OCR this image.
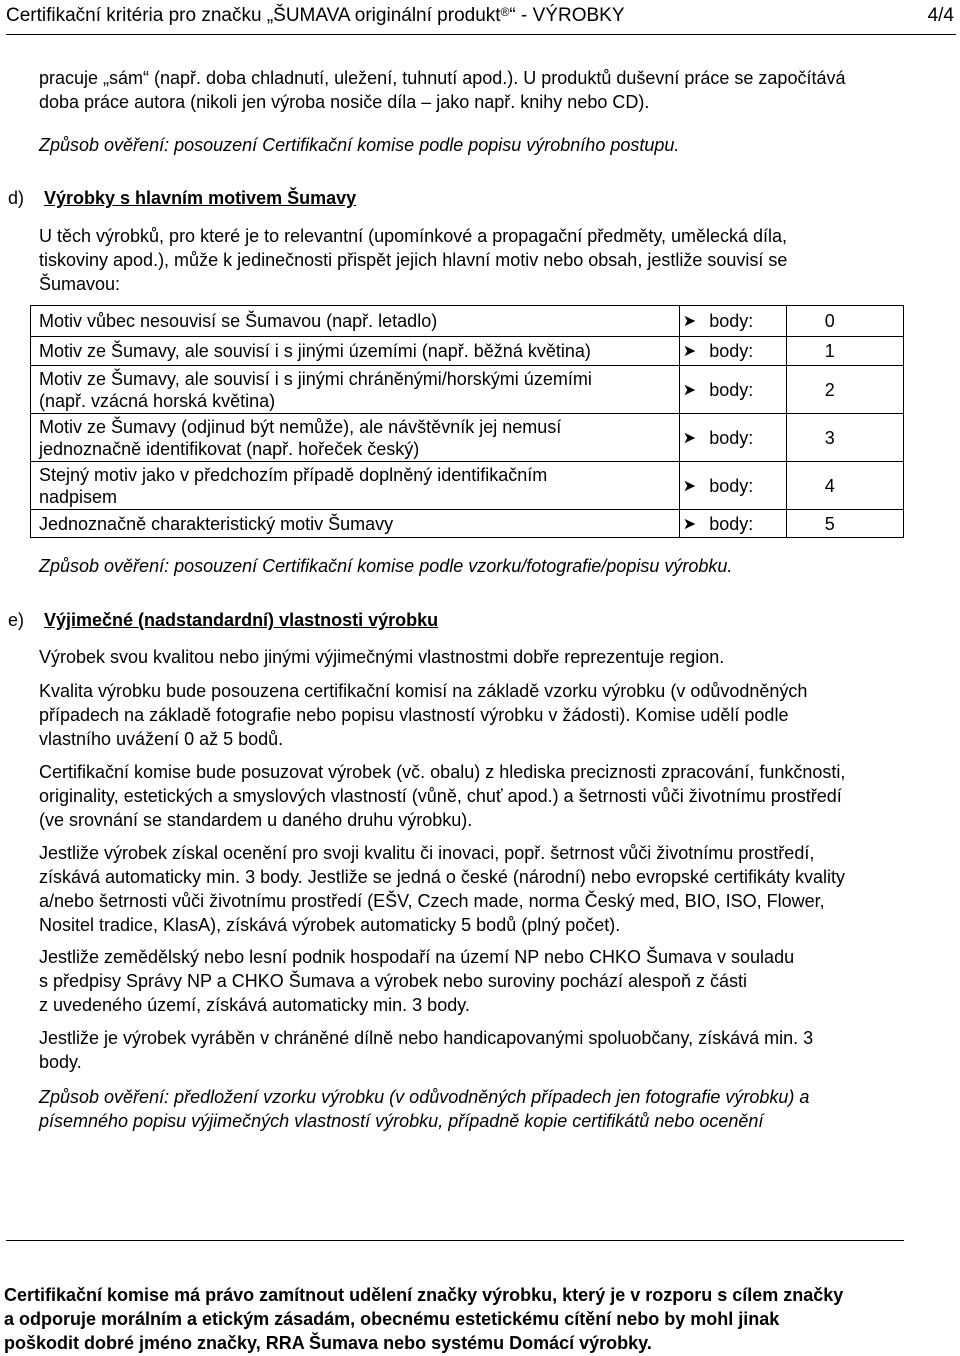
Certifikační kritéria pro značku „ŠUMAVA originální produkt®“ - VÝROBKY	4/4
pracuje „sám“ (např. doba chladnutí, uležení, tuhnutí apod.). U produktů duševní práce se započítává
doba práce autora (nikoli jen výroba nosiče díla – jako např. knihy nebo CD).
Způsob ověření: posouzení Certifikační komise podle popisu výrobního postupu.
d) Výrobky s hlavním motivem Šumavy
U těch výrobků, pro které je to relevantní (upomínkové a propagační předměty, umělecká díla,
tiskoviny apod.), může k jedinečnosti přispět jejich hlavní motiv nebo obsah, jestliže souvisí se
Šumavou:
Motiv vůbec nesouvisí se Šumavou (např. letadlo)	➤	body:	0
Motiv ze Šumavy, ale souvisí i s jinými územími (např. běžná květina)	➤	body:	1

Motiv ze Šumavy, ale souvisí i s jinými chráněnými/horskými územími
(např. vzácná horská květina)	➤	body:	2

Motiv ze Šumavy (odjinud být nemůže), ale návštěvník jej nemusí
jednoznačně identifikovat (např. hořeček český)	➤	body:	3

Stejný motiv jako v předchozím případě doplněný identifikačním
nadpisem	➤	body:	4
Jednoznačně charakteristický motiv Šumavy	➤	body:	5
Způsob ověření: posouzení Certifikační komise podle vzorku/fotografie/popisu výrobku.
e) Výjimečné (nadstandardní) vlastnosti výrobku
Výrobek svou kvalitou nebo jinými výjimečnými vlastnostmi dobře reprezentuje region.
Kvalita výrobku bude posouzena certifikační komisí na základě vzorku výrobku (v odůvodněných
případech na základě fotografie nebo popisu vlastností výrobku v žádosti). Komise udělí podle
vlastního uvážení 0 až 5 bodů.
Certifikační komise bude posuzovat výrobek (vč. obalu) z hlediska preciznosti zpracování, funkčnosti,
originality, estetických a smyslových vlastností (vůně, chuť apod.) a šetrnosti vůči životnímu prostředí
(ve srovnání se standardem u daného druhu výrobku).
Jestliže výrobek získal ocenění pro svoji kvalitu či inovaci, popř. šetrnost vůči životnímu prostředí,
získává automaticky min. 3 body. Jestliže se jedná o české (národní) nebo evropské certifikáty kvality
a/nebo šetrnosti vůči životnímu prostředí (EŠV, Czech made, norma Český med, BIO, ISO, Flower,
Nositel tradice, KlasA), získává výrobek automaticky 5 bodů (plný počet).
Jestliže zemědělský nebo lesní podnik hospodaří na území NP nebo CHKO Šumava v souladu
s předpisy Správy NP a CHKO Šumava a výrobek nebo suroviny pochází alespoň z části
z uvedeného území, získává automaticky min. 3 body.
Jestliže je výrobek vyráběn v chráněné dílně nebo handicapovanými spoluobčany, získává min. 3
body.
Způsob ověření: předložení vzorku výrobku (v odůvodněných případech jen fotografie výrobku) a
písemného popisu výjimečných vlastností výrobku, případně kopie certifikátů nebo ocenění
Certifikační komise má právo zamítnout udělení značky výrobku, který je v rozporu s cílem značky
a odporuje morálním a etickým zásadám, obecnému estetickému cítění nebo by mohl jinak
poškodit dobré jméno značky, RRA Šumava nebo systému Domácí výrobky.
